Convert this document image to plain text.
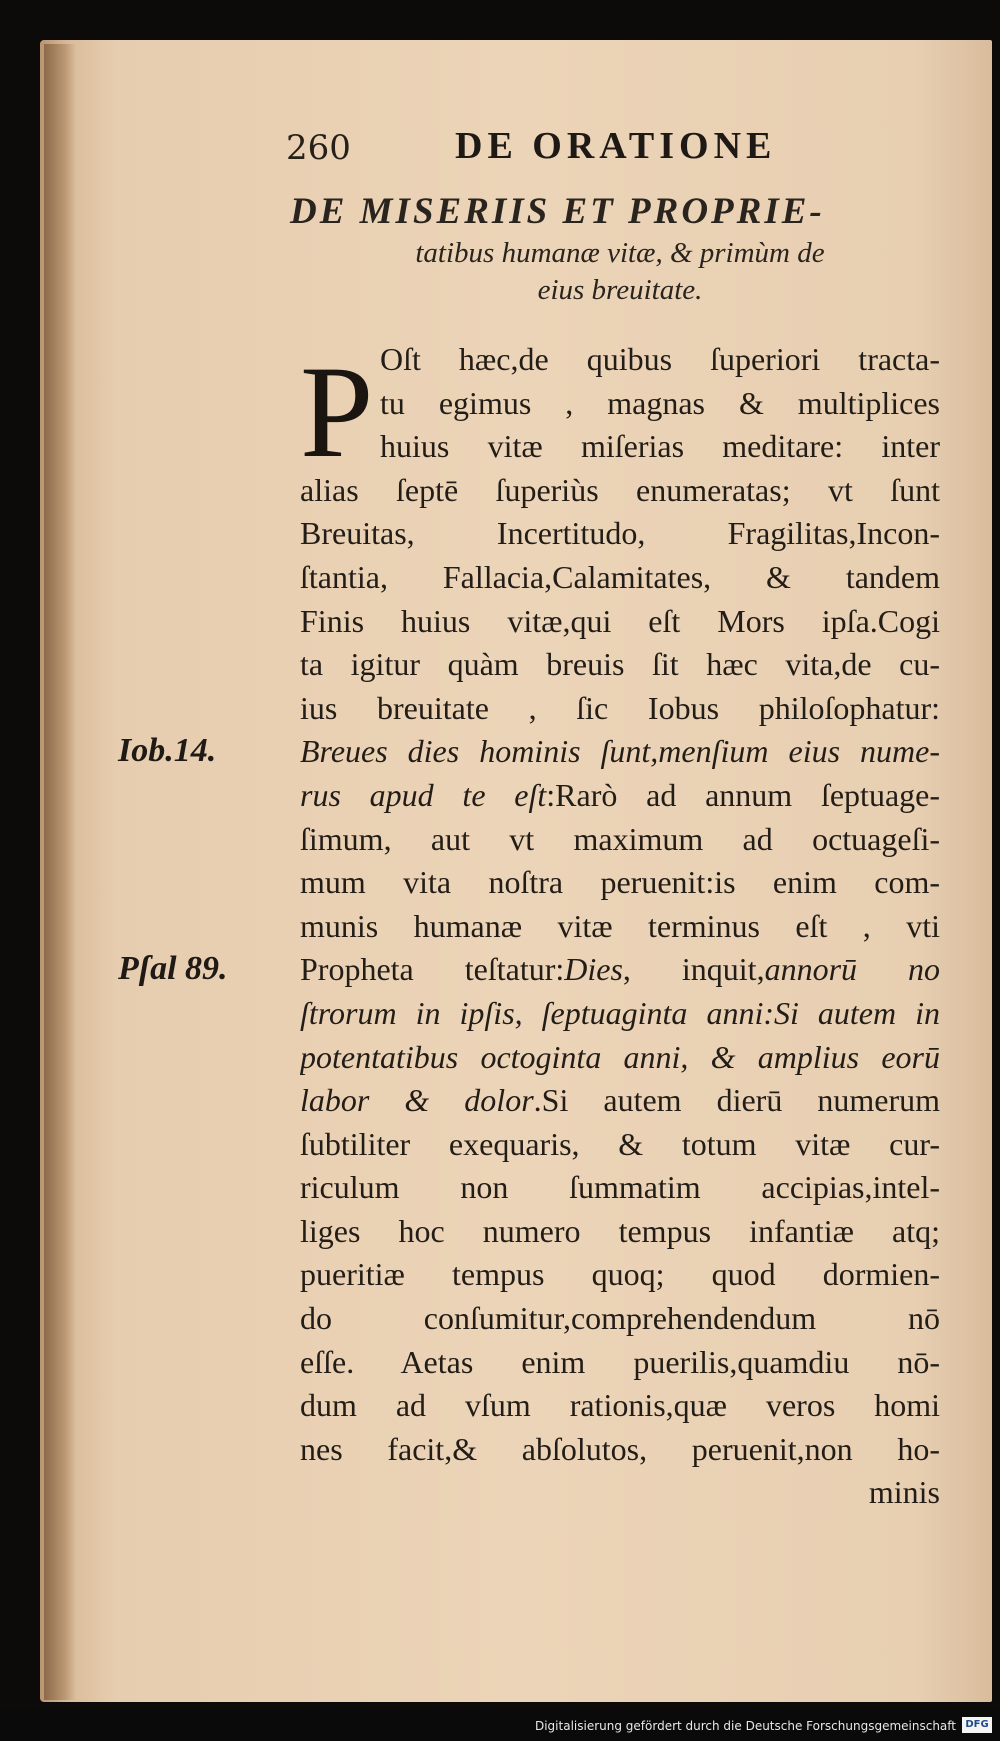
260	DE ORATIONE
DE MISERIIS ET PROPRIE-
tatibus humanæ vitæ, & primùm de
eius breuitate.
P Oſt hæc,de quibus ſuperiori tracta-
tu egimus , magnas & multiplices
huius vitæ miſerias meditare: inter
alias ſeptē ſuperiùs enumeratas; vt ſunt
Breuitas, Incertitudo, Fragilitas,Incon-
ſtantia, Fallacia,Calamitates, & tandem
Finis huius vitæ,qui eſt Mors ipſa.Cogi
ta igitur quàm breuis ſit hæc vita,de cu-
ius breuitate , ſic Iobus philoſophatur:
Breues dies hominis ſunt,menſium eius nume-
rus apud te eſt:Rarò ad annum ſeptuage-
ſimum, aut vt maximum ad octuageſi-
mum vita noſtra peruenit:is enim com-
munis humanæ vitæ terminus eſt , vti
Propheta teſtatur:Dies, inquit,annorū no
ſtrorum in ipſis, ſeptuaginta anni:Si autem in
potentatibus octoginta anni, & amplius eorū
labor & dolor.Si autem dierū numerum
ſubtiliter exequaris, & totum vitæ cur-
riculum non ſummatim accipias,intel-
liges hoc numero tempus infantiæ atq;
pueritiæ tempus quoq; quod dormien-
do conſumitur,comprehendendum nō
eſſe. Aetas enim puerilis,quamdiu nō-
dum ad vſum rationis,quæ veros homi
nes facit,& abſolutos, peruenit,non ho-
minis
Iob.14.
Pſal 89.
Digitalisierung gefördert durch die Deutsche Forschungsgemeinschaft DFG
